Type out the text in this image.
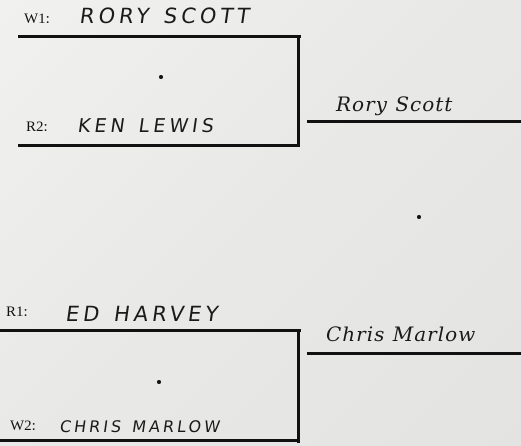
W1: RORY SCOTT
R2: KEN LEWIS
Rory Scott
Chris Marlow
R1: ED HARVEY
W2: CHRIS MARLOW
